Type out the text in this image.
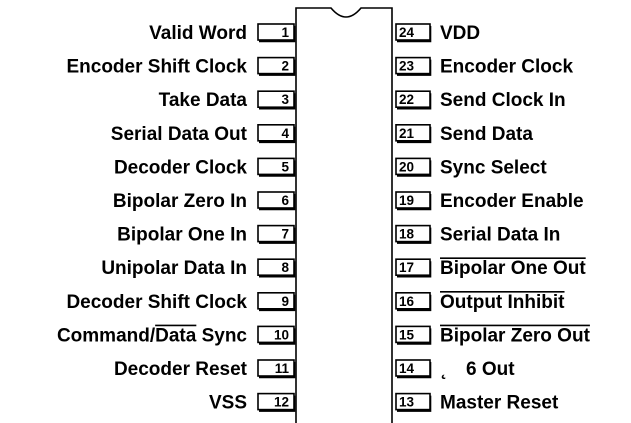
1
Valid Word
2
Encoder Shift Clock
3
Take Data
4
Serial Data Out
5
Decoder Clock
6
Bipolar Zero In
7
Bipolar One In
8
Unipolar Data In
9
Decoder Shift Clock
10
Command/Data Sync
11
Decoder Reset
12
VSS
24 VDD
23 Encoder Clock
22 Send Clock In
21 Send Data
20 Sync Select
19 Encoder Enable
18 Serial Data In
17 Bipolar One Out
16 Output Inhibit
15 Bipolar Zero Out
14 ˛ 6 Out
13 Master Reset
